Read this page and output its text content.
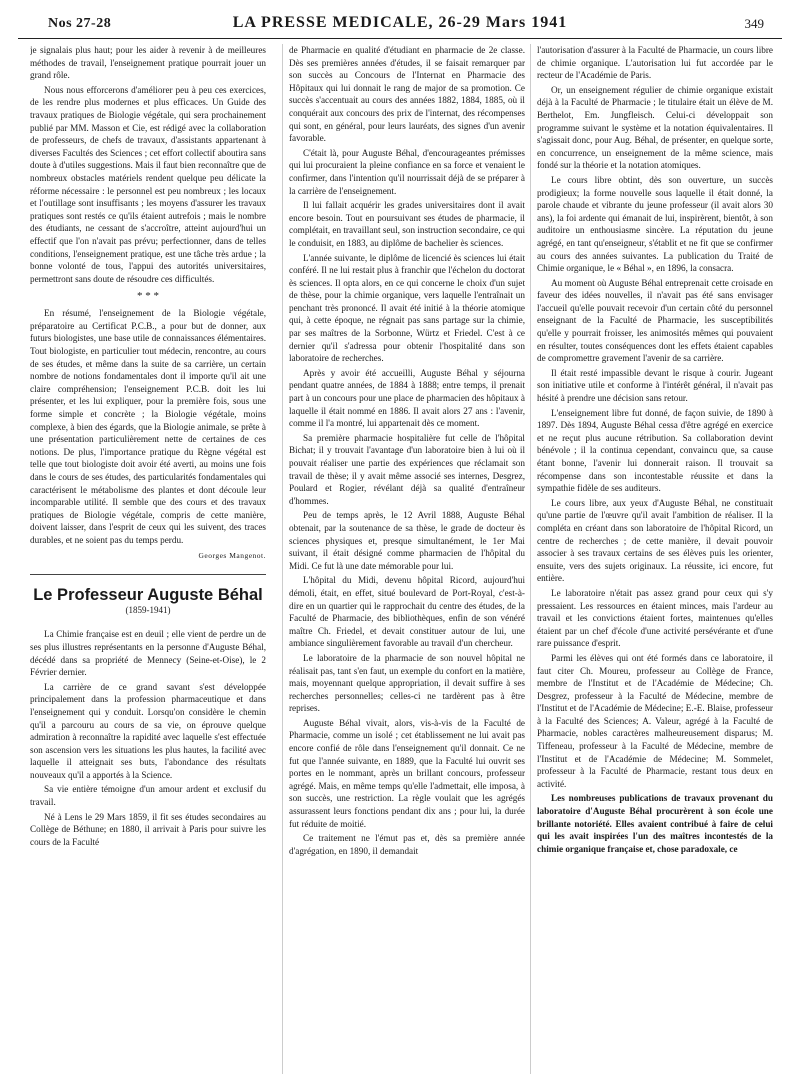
Nos 27-28	LA PRESSE MEDICALE, 26-29 Mars 1941	349

je signalais plus haut; pour les aider à revenir à de meilleures méthodes de travail, l'enseignement pratique pourrait jouer un grand rôle.

Nous nous efforcerons d'améliorer peu à peu ces exercices, de les rendre plus modernes et plus efficaces. Un Guide des travaux pratiques de Biologie végétale, qui sera prochainement publié par MM. Masson et Cie, est rédigé avec la collaboration de professeurs, de chefs de travaux, d'assistants appartenant à diverses Facultés des Sciences ; cet effort collectif aboutira sans doute à d'utiles suggestions. Mais il faut bien reconnaître que de nombreux obstacles matériels rendent quelque peu délicate la réforme nécessaire : le personnel est peu nombreux ; les locaux et l'outillage sont insuffisants ; les moyens d'assurer les travaux pratiques sont restés ce qu'ils étaient autrefois ; mais le nombre des étudiants, ne cessant de s'accroître, atteint aujourd'hui un effectif que l'on n'avait pas prévu; perfectionner, dans de telles conditions, l'enseignement pratique, est une tâche très ardue ; la bonne volonté de tous, l'appui des autorités universitaires, permettront sans doute de résoudre ces difficultés.

* * *

En résumé, l'enseignement de la Biologie végétale, préparatoire au Certificat P.C.B., a pour but de donner, aux futurs biologistes, une base utile de connaissances élémentaires. Tout biologiste, en particulier tout médecin, rencontre, au cours de ses études, et même dans la suite de sa carrière, un certain nombre de notions fondamentales dont il importe qu'il ait une claire compréhension; l'enseignement P.C.B. doit les lui présenter, et les lui expliquer, pour la première fois, sous une forme simple et concrète ; la Biologie végétale, moins complexe, à bien des égards, que la Biologie animale, se prête à une présentation particulièrement nette de certaines de ces notions. De plus, l'importance pratique du Règne végétal est telle que tout biologiste doit avoir été averti, au moins une fois dans le cours de ses études, des particularités fondamentales qui caractérisent le métabolisme des plantes et dont découle leur incomparable utilité. Il semble que des cours et des travaux pratiques de Biologie végétale, compris de cette manière, doivent laisser, dans l'esprit de ceux qui les suivent, des traces durables, et ne soient pas du temps perdu.

Georges Mangenot.
Le Professeur Auguste Béhal
(1859-1941)

La Chimie française est en deuil ; elle vient de perdre un de ses plus illustres représentants en la personne d'Auguste Béhal, décédé dans sa propriété de Mennecy (Seine-et-Oise), le 2 Février dernier.

La carrière de ce grand savant s'est développée principalement dans la profession pharmaceutique et dans l'enseignement qui y conduit. Lorsqu'on considère le chemin qu'il a parcouru au cours de sa vie, on éprouve quelque admiration à reconnaître la rapidité avec laquelle s'est effectuée son ascension vers les situations les plus hautes, la facilité avec laquelle il atteignait ses buts, l'abondance des résultats nouveaux qu'il a apportés à la Science.

Sa vie entière témoigne d'un amour ardent et exclusif du travail.

Né à Lens le 29 Mars 1859, il fit ses études secondaires au Collège de Béthune; en 1880, il arrivait à Paris pour suivre les cours de la Faculté

de Pharmacie en qualité d'étudiant en pharmacie de 2e classe. Dès ses premières années d'études, il se faisait remarquer par son succès au Concours de l'Internat en Pharmacie des Hôpitaux qui lui donnait le rang de major de sa promotion. Ce succès s'accentuait au cours des années 1882, 1884, 1885, où il conquérait aux concours des prix de l'internat, des récompenses qui sont, en général, pour leurs lauréats, des signes d'un avenir favorable.

C'était là, pour Auguste Béhal, d'encourageantes prémisses qui lui procuraient la pleine confiance en sa force et venaient le confirmer, dans l'intention qu'il nourrissait déjà de se préparer à la carrière de l'enseignement.

Il lui fallait acquérir les grades universitaires dont il avait encore besoin. Tout en poursuivant ses études de pharmacie, il complétait, en travaillant seul, son instruction secondaire, ce qui le conduisit, en 1883, au diplôme de bachelier ès sciences.

L'année suivante, le diplôme de licencié ès sciences lui était conféré. Il ne lui restait plus à franchir que l'échelon du doctorat ès sciences. Il opta alors, en ce qui concerne le choix d'un sujet de thèse, pour la chimie organique, vers laquelle l'entraînait un penchant très prononcé. Il avait été initié à la théorie atomique qui, à cette époque, ne régnait pas sans partage sur la chimie, par ses maîtres de la Sorbonne, Würtz et Friedel. C'est à ce dernier qu'il s'adressa pour obtenir l'hospitalité dans son laboratoire de recherches.

Après y avoir été accueilli, Auguste Béhal y séjourna pendant quatre années, de 1884 à 1888; entre temps, il prenait part à un concours pour une place de pharmacien des hôpitaux à laquelle il était nommé en 1886. Il avait alors 27 ans : l'avenir, comme il l'a montré, lui appartenait dès ce moment.

Sa première pharmacie hospitalière fut celle de l'hôpital Bichat; il y trouvait l'avantage d'un laboratoire bien à lui où il pouvait réaliser une partie des expériences que réclamait son travail de thèse; il y avait même associé ses internes, Desgrez, Poulard et Rogier, révélant déjà sa qualité d'entraîneur d'hommes.

Peu de temps après, le 12 Avril 1888, Auguste Béhal obtenait, par la soutenance de sa thèse, le grade de docteur ès sciences physiques et, presque simultanément, le 1er Mai suivant, il était désigné comme pharmacien de l'hôpital du Midi. Ce fut là une date mémorable pour lui.

L'hôpital du Midi, devenu hôpital Ricord, aujourd'hui démoli, était, en effet, situé boulevard de Port-Royal, c'est-à-dire en un quartier qui le rapprochait du centre des études, de la Faculté de Pharmacie, des bibliothèques, enfin de son vénéré maître Ch. Friedel, et devait constituer autour de lui, une ambiance singulièrement favorable au travail d'un chercheur.

Le laboratoire de la pharmacie de son nouvel hôpital ne réalisait pas, tant s'en faut, un exemple du confort en la matière, mais, moyennant quelque appropriation, il devait suffire à ses recherches personnelles; celles-ci ne tardèrent pas à être reprises.

Auguste Béhal vivait, alors, vis-à-vis de la Faculté de Pharmacie, comme un isolé ; cet établissement ne lui avait pas encore confié de rôle dans l'enseignement qu'il donnait. Ce ne fut que l'année suivante, en 1889, que la Faculté lui ouvrit ses portes en le nommant, après un brillant concours, professeur agrégé. Mais, en même temps qu'elle l'admettait, elle imposa, à son succès, une restriction. La règle voulait que les agrégés assurassent leurs fonctions pendant dix ans ; pour lui, la durée fut réduite de moitié.

Ce traitement ne l'émut pas et, dès sa première année d'agrégation, en 1890, il demandait

l'autorisation d'assurer à la Faculté de Pharmacie, un cours libre de chimie organique. L'autorisation lui fut accordée par le recteur de l'Académie de Paris.

Or, un enseignement régulier de chimie organique existait déjà à la Faculté de Pharmacie ; le titulaire était un élève de M. Berthelot, Em. Jungfleisch. Celui-ci développait son programme suivant le système et la notation équivalentaires. Il s'agissait donc, pour Aug. Béhal, de présenter, en quelque sorte, en concurrence, un enseignement de la même science, mais fondé sur la théorie et la notation atomiques.

Le cours libre obtint, dès son ouverture, un succès prodigieux; la forme nouvelle sous laquelle il était donné, la parole chaude et vibrante du jeune professeur (il avait alors 30 ans), la foi ardente qui émanait de lui, inspirèrent, bientôt, à son auditoire un enthousiasme sincère. La réputation du jeune agrégé, en tant qu'enseigneur, s'établit et ne fit que se confirmer au cours des années suivantes. La publication du Traité de Chimie organique, le « Béhal », en 1896, la consacra.

Au moment où Auguste Béhal entreprenait cette croisade en faveur des idées nouvelles, il n'avait pas été sans envisager l'accueil qu'elle pouvait recevoir d'un certain côté du personnel enseignant de la Faculté de Pharmacie, les susceptibilités qu'elle y pourrait froisser, les animosités mêmes qui pouvaient en résulter, toutes conséquences dont les effets étaient capables de compromettre gravement l'avenir de sa carrière.

Il était resté impassible devant le risque à courir. Jugeant son initiative utile et conforme à l'intérêt général, il n'avait pas hésité à prendre une décision sans retour.

L'enseignement libre fut donné, de façon suivie, de 1890 à 1897. Dès 1894, Auguste Béhal cessa d'être agrégé en exercice et ne reçut plus aucune rétribution. Sa collaboration devint bénévole ; il la continua cependant, convaincu que, sa cause étant bonne, l'avenir lui donnerait raison. Il trouvait sa récompense dans son incontestable réussite et dans la sympathie fidèle de ses auditeurs.

Le cours libre, aux yeux d'Auguste Béhal, ne constituait qu'une partie de l'œuvre qu'il avait l'ambition de réaliser. Il la compléta en créant dans son laboratoire de l'hôpital Ricord, un centre de recherches ; de cette manière, il devait pouvoir associer à ses travaux certains de ses élèves puis les orienter, ensuite, vers des sujets originaux. La réussite, ici encore, fut entière.

Le laboratoire n'était pas assez grand pour ceux qui s'y pressaient. Les ressources en étaient minces, mais l'ardeur au travail et les convictions étaient fortes, maintenues qu'elles étaient par un chef d'école d'une activité persévérante et d'une rare puissance d'esprit.

Parmi les élèves qui ont été formés dans ce laboratoire, il faut citer Ch. Moureu, professeur au Collège de France, membre de l'Institut et de l'Académie de Médecine; Ch. Desgrez, professeur à la Faculté de Médecine, membre de l'Institut et de l'Académie de Médecine; E.-E. Blaise, professeur à la Faculté des Sciences; A. Valeur, agrégé à la Faculté de Pharmacie, nobles caractères malheureusement disparus; M. Tiffeneau, professeur à la Faculté de Médecine, membre de l'Institut et de l'Académie de Médecine; M. Sommelet, professeur à la Faculté de Pharmacie, restant tous deux en activité.

Les nombreuses publications de travaux provenant du laboratoire d'Auguste Béhal procurèrent à son école une brillante notoriété. Elles avaient contribué à faire de celui qui les avait inspirées l'un des maîtres incontestés de la chimie organique française et, chose paradoxale, ce
